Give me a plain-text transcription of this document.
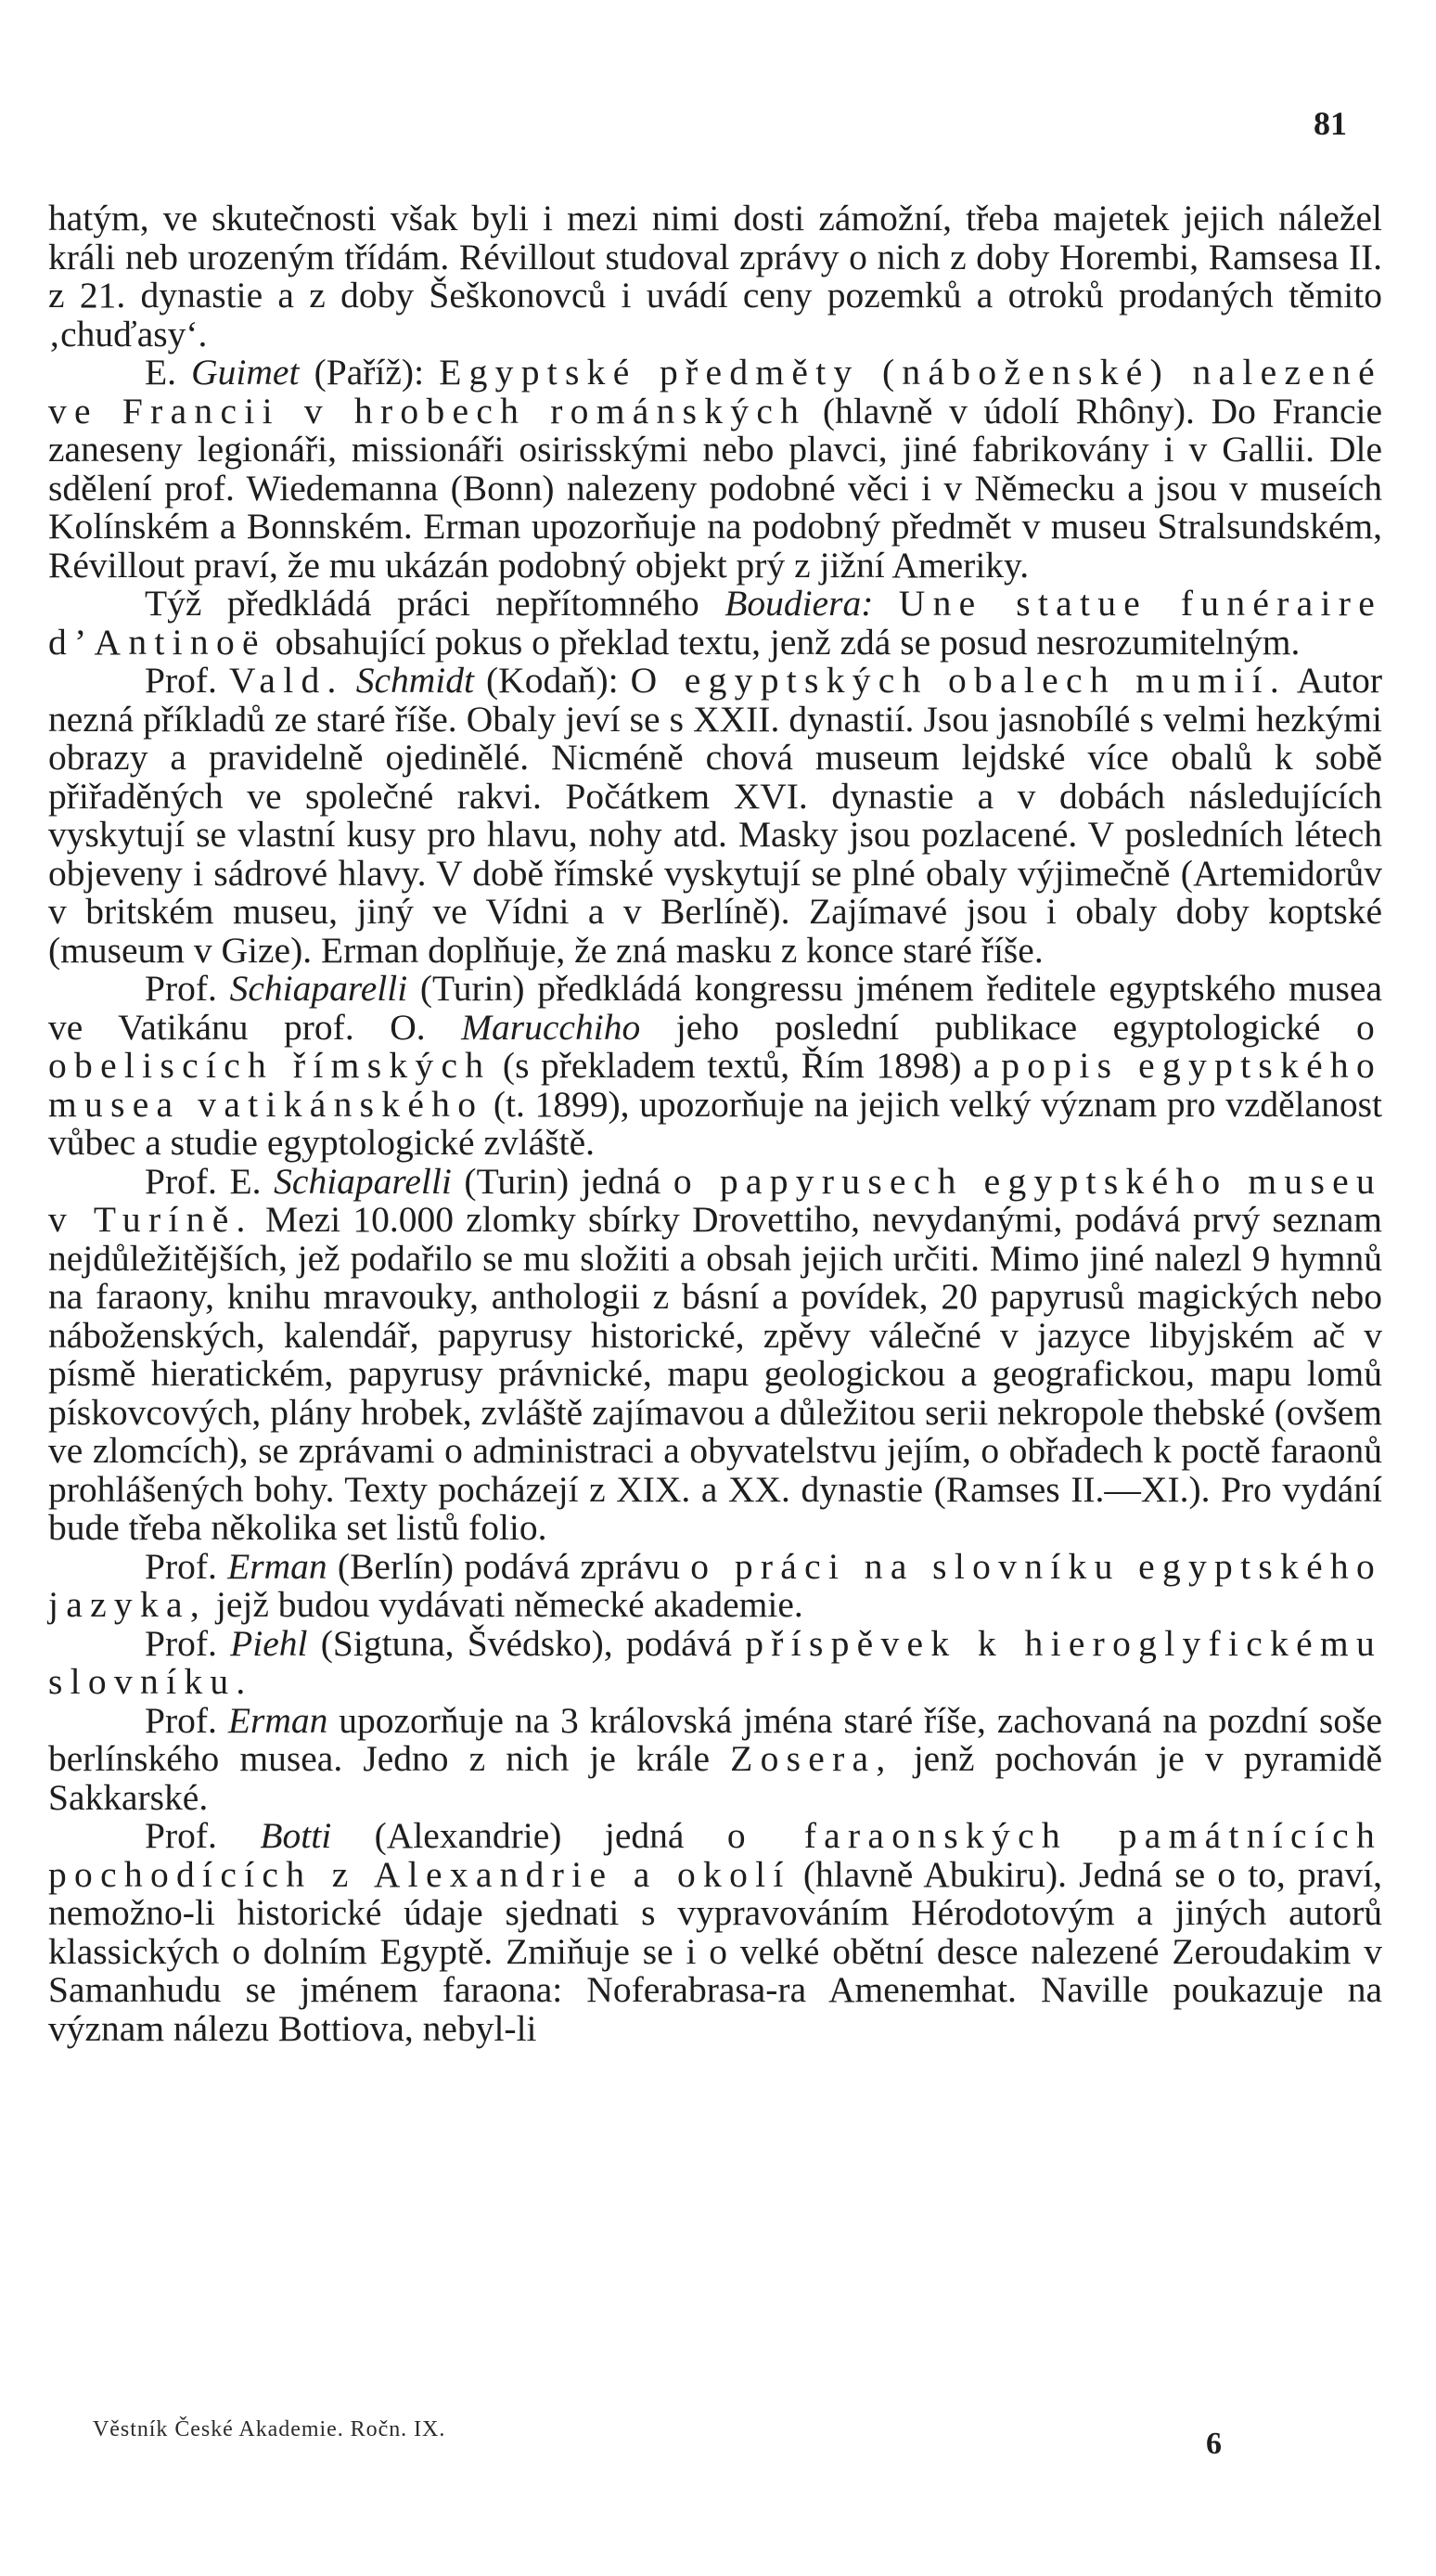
81

hatým, ve skutečnosti však byli i mezi nimi dosti zámožní, třeba majetek jejich náležel králi neb urozeným třídám. Révillout studoval zprávy o nich z doby Horembi, Ramsesa II. z 21. dynastie a z doby Šeškonovců i uvádí ceny pozemků a otroků prodaných těmito ‚chuďasy‘.

E. Guimet (Paříž): Egyptské předměty (náboženské) nalezené ve Francii v hrobech románských (hlavně v údolí Rhôny). Do Francie zaneseny legionáři, missionáři osirisskými nebo plavci, jiné fabrikovány i v Gallii. Dle sdělení prof. Wiedemanna (Bonn) nalezeny podobné věci i v Německu a jsou v museích Kolínském a Bonnském. Erman upozorňuje na podobný předmět v museu Stralsundském, Révillout praví, že mu ukázán podobný objekt prý z jižní Ameriky.

Týž předkládá práci nepřítomného Boudiera: Une statue funéraire d’Antinoë obsahující pokus o překlad textu, jenž zdá se posud nesrozumitelným.

Prof. Vald. Schmidt (Kodaň): O egyptských obalech mumií. Autor nezná příkladů ze staré říše. Obaly jeví se s XXII. dynastií. Jsou jasnobílé s velmi hezkými obrazy a pravidelně ojedinělé. Nicméně chová museum lejdské více obalů k sobě přiřaděných ve společné rakvi. Počátkem XVI. dynastie a v dobách následujících vyskytují se vlastní kusy pro hlavu, nohy atd. Masky jsou pozlacené. V posledních létech objeveny i sádrové hlavy. V době římské vyskytují se plné obaly výjimečně (Artemidorův v britském museu, jiný ve Vídni a v Berlíně). Zajímavé jsou i obaly doby koptské (museum v Gize). Erman doplňuje, že zná masku z konce staré říše.

Prof. Schiaparelli (Turin) předkládá kongressu jménem ředitele egyptského musea ve Vatikánu prof. O. Marucchiho jeho poslední publikace egyptologické o obeliscích římských (s překladem textů, Řím 1898) a popis egyptského musea vatikánského (t. 1899), upozorňuje na jejich velký význam pro vzdělanost vůbec a studie egyptologické zvláště.

Prof. E. Schiaparelli (Turin) jedná o papyrusech egyptského museu v Turíně. Mezi 10.000 zlomky sbírky Drovettiho, nevydanými, podává prvý seznam nejdůležitějších, jež podařilo se mu složiti a obsah jejich určiti. Mimo jiné nalezl 9 hymnů na faraony, knihu mravouky, anthologii z básní a povídek, 20 papyrusů magických nebo náboženských, kalendář, papyrusy historické, zpěvy válečné v jazyce libyjském ač v písmě hieratickém, papyrusy právnické, mapu geologickou a geografickou, mapu lomů pískovcových, plány hrobek, zvláště zajímavou a důležitou serii nekropole thebské (ovšem ve zlomcích), se zprávami o administraci a obyvatelstvu jejím, o obřadech k poctě faraonů prohlášených bohy. Texty pocházejí z XIX. a XX. dynastie (Ramses II.—XI.). Pro vydání bude třeba několika set listů folio.

Prof. Erman (Berlín) podává zprávu o práci na slovníku egyptského jazyka, jejž budou vydávati německé akademie.

Prof. Piehl (Sigtuna, Švédsko), podává příspěvek k hieroglyfickému slovníku.

Prof. Erman upozorňuje na 3 královská jména staré říše, zachovaná na pozdní soše berlínského musea. Jedno z nich je krále Zosera, jenž pochován je v pyramidě Sakkarské.

Prof. Botti (Alexandrie) jedná o faraonských památnících pochodících z Alexandrie a okolí (hlavně Abukiru). Jedná se o to, praví, nemožno-li historické údaje sjednati s vypravováním Hérodotovým a jiných autorů klassických o dolním Egyptě. Zmiňuje se i o velké obětní desce nalezené Zeroudakim v Samanhudu se jménem faraona: Noferabrasa-ra Amenemhat. Naville poukazuje na význam nálezu Bottiova, nebyl-li

Věstník České Akademie. Ročn. IX.	6
